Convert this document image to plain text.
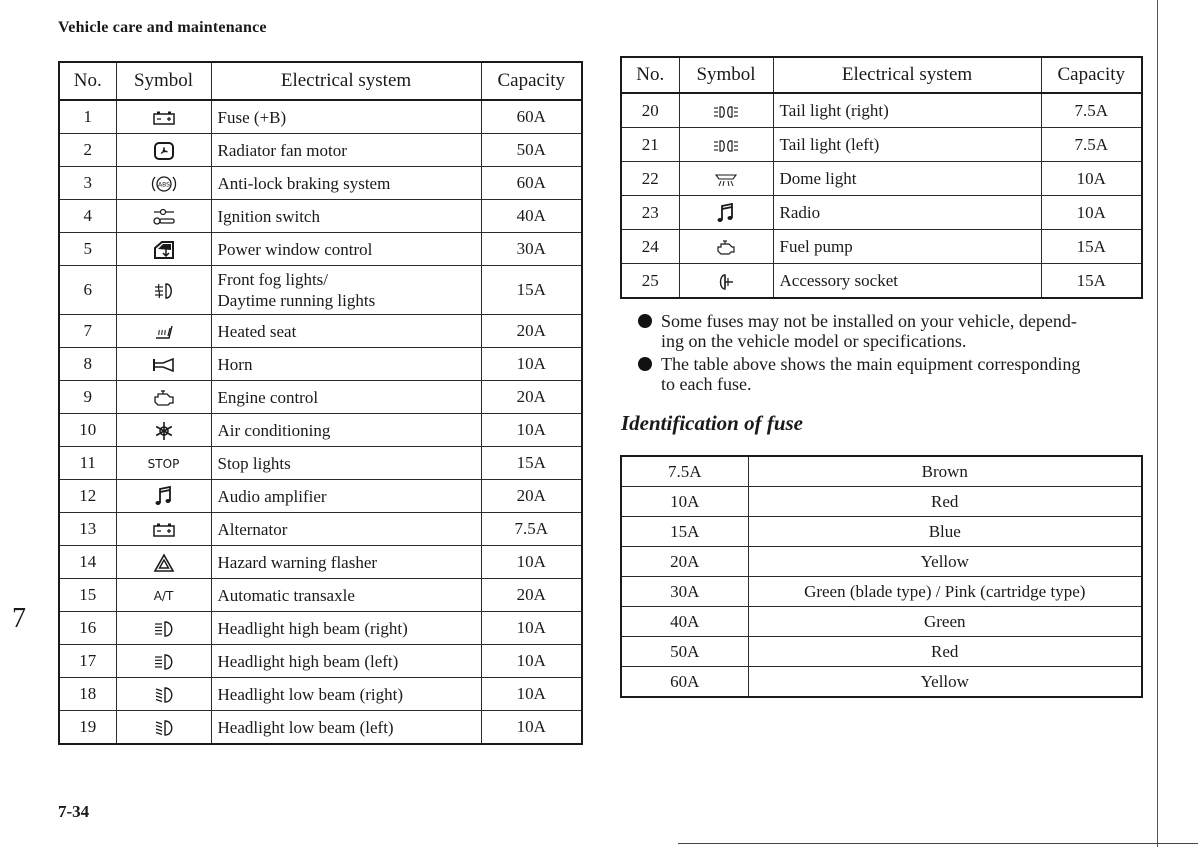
Vehicle care and maintenance
7
7-34
No.	Symbol	Electrical system	Capacity
1		Fuse (+B)	60A
2		Radiator fan motor	50A
3	ABS	Anti-lock braking system	60A
4		Ignition switch	40A
5		Power window control	30A
6		Front fog lights/
Daytime running lights	15A
7		Heated seat	20A
8		Horn	10A
9		Engine control	20A
10		Air conditioning	10A
11	STOP	Stop lights	15A
12		Audio amplifier	20A
13		Alternator	7.5A
14		Hazard warning flasher	10A
15	A/T	Automatic transaxle	20A
16		Headlight high beam (right)	10A
17		Headlight high beam (left)	10A
18		Headlight low beam (right)	10A
19		Headlight low beam (left)	10A
No.	Symbol	Electrical system	Capacity
20		Tail light (right)	7.5A
21		Tail light (left)	7.5A
22		Dome light	10A
23		Radio	10A
24		Fuel pump	15A
25		Accessory socket	15A
Some fuses may not be installed on your vehicle, depend-
ing on the vehicle model or specifications.
The table above shows the main equipment corresponding
to each fuse.
Identification of fuse
7.5A	Brown
10A	Red
15A	Blue
20A	Yellow
30A	Green (blade type) / Pink (cartridge type)
40A	Green
50A	Red
60A	Yellow
